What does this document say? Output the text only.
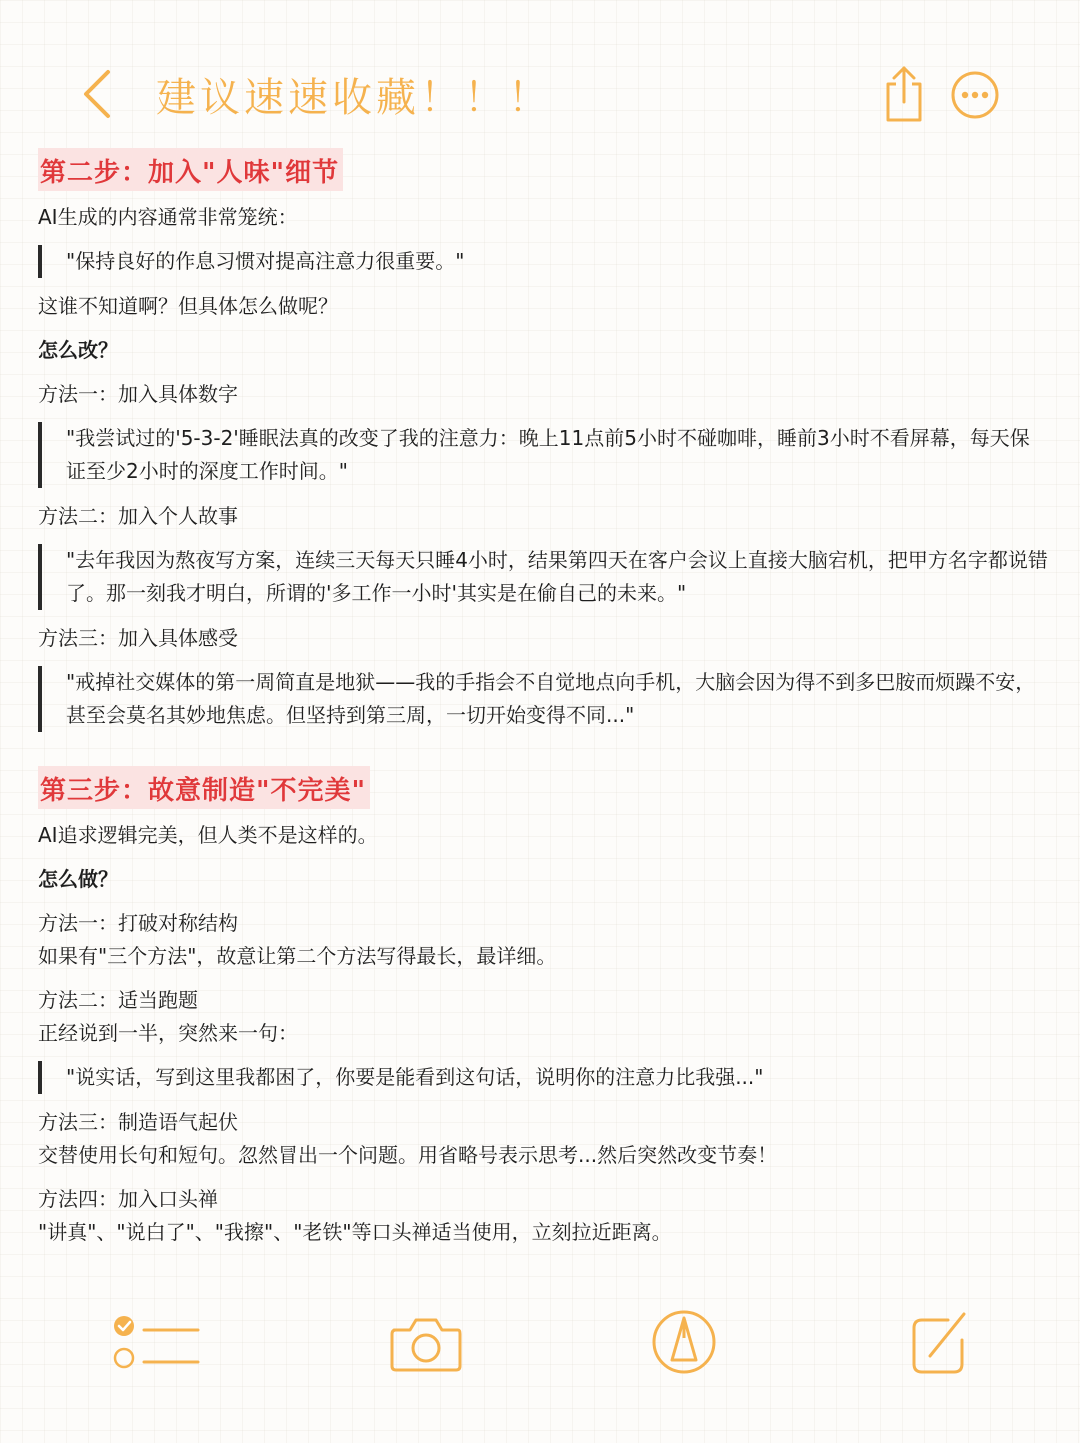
建议速速收藏！！！
第二步：加入"人味"细节
AI生成的内容通常非常笼统：
"保持良好的作息习惯对提高注意力很重要。"
这谁不知道啊？但具体怎么做呢？
怎么改？
方法一：加入具体数字
"我尝试过的'5-3-2'睡眠法真的改变了我的注意力：晚上11点前5小时不碰咖啡，睡前3小时不看屏幕，每天保证至少2小时的深度工作时间。"
方法二：加入个人故事
"去年我因为熬夜写方案，连续三天每天只睡4小时，结果第四天在客户会议上直接大脑宕机，把甲方名字都说错了。那一刻我才明白，所谓的'多工作一小时'其实是在偷自己的未来。"
方法三：加入具体感受
"戒掉社交媒体的第一周简直是地狱——我的手指会不自觉地点向手机，大脑会因为得不到多巴胺而烦躁不安，甚至会莫名其妙地焦虑。但坚持到第三周，一切开始变得不同..."
第三步：故意制造"不完美"
AI追求逻辑完美，但人类不是这样的。
怎么做？
方法一：打破对称结构
如果有"三个方法"，故意让第二个方法写得最长，最详细。
方法二：适当跑题
正经说到一半，突然来一句：
"说实话，写到这里我都困了，你要是能看到这句话，说明你的注意力比我强..."
方法三：制造语气起伏
交替使用长句和短句。忽然冒出一个问题。用省略号表示思考...然后突然改变节奏！
方法四：加入口头禅
"讲真"、"说白了"、"我擦"、"老铁"等口头禅适当使用，立刻拉近距离。
